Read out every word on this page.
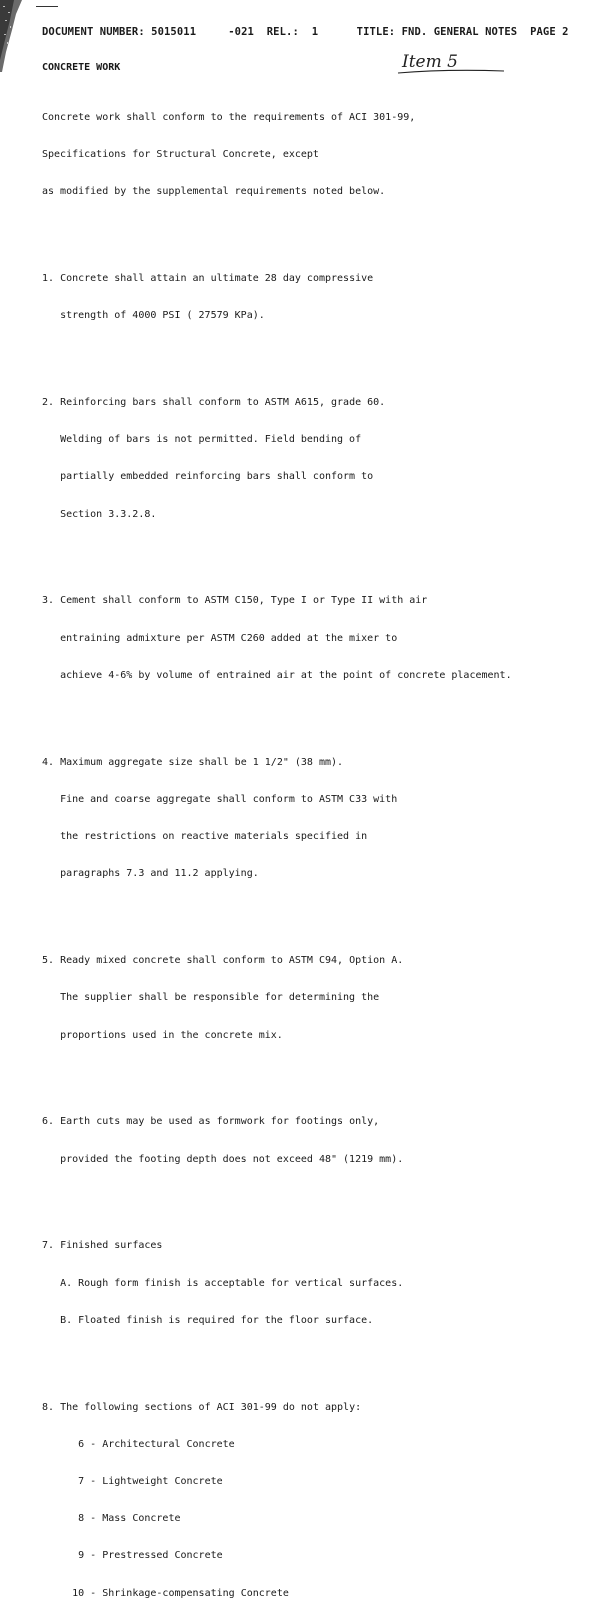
DOCUMENT NUMBER: 5015011	-021 REL.: 1	TITLE: FND. GENERAL NOTES PAGE 2
Item 5
CONCRETE WORK

Concrete work shall conform to the requirements of ACI 301-99,

Specifications for Structural Concrete, except

as modified by the supplemental requirements noted below.

1. Concrete shall attain an ultimate 28 day compressive

strength of 4000 PSI ( 27579 KPa).

2. Reinforcing bars shall conform to ASTM A615, grade 60.

Welding of bars is not permitted. Field bending of

partially embedded reinforcing bars shall conform to

Section 3.3.2.8.

3. Cement shall conform to ASTM C150, Type I or Type II with air

entraining admixture per ASTM C260 added at the mixer to

achieve 4-6% by volume of entrained air at the point of concrete placement.

4. Maximum aggregate size shall be 1 1/2" (38 mm).

Fine and coarse aggregate shall conform to ASTM C33 with

the restrictions on reactive materials specified in

paragraphs 7.3 and 11.2 applying.

5. Ready mixed concrete shall conform to ASTM C94, Option A.

The supplier shall be responsible for determining the

proportions used in the concrete mix.

6. Earth cuts may be used as formwork for footings only,

provided the footing depth does not exceed 48" (1219 mm).

7. Finished surfaces

A. Rough form finish is acceptable for vertical surfaces.

B. Floated finish is required for the floor surface.

8. The following sections of ACI 301-99 do not apply:

6 - Architectural Concrete

7 - Lightweight Concrete

8 - Mass Concrete

9 - Prestressed Concrete

10 - Shrinkage-compensating Concrete
